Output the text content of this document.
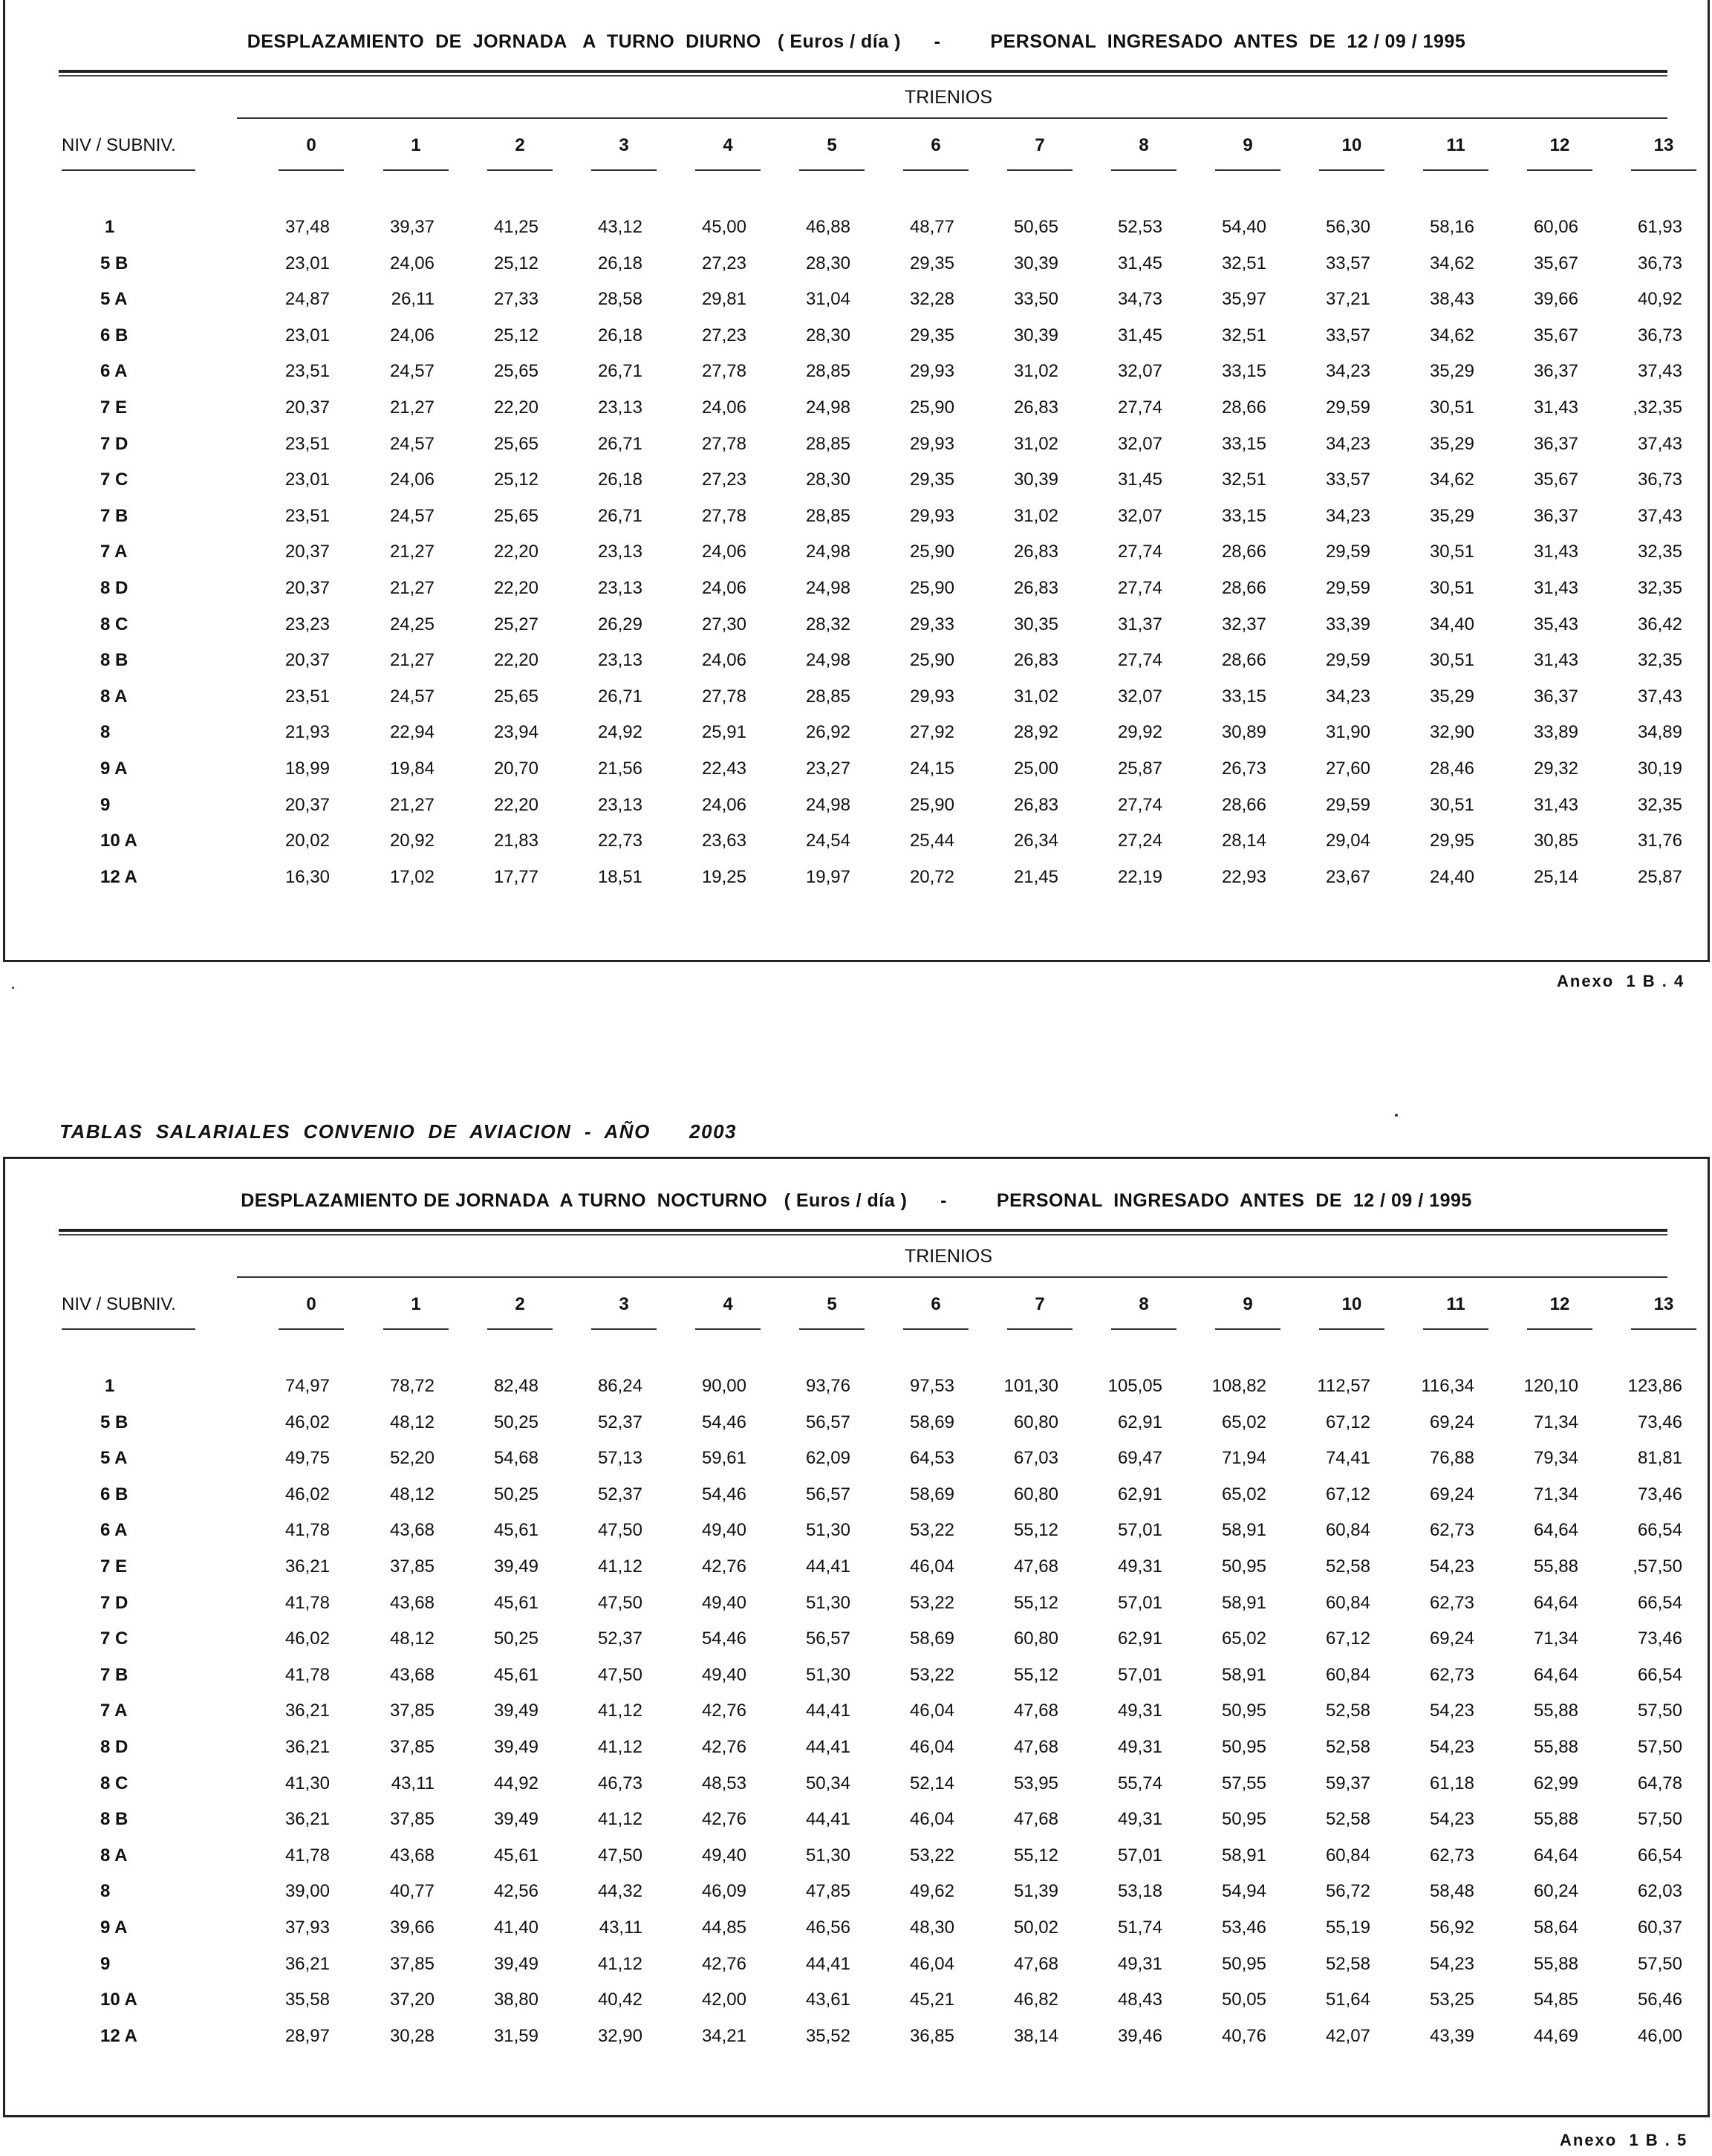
DESPLAZAMIENTO  DE  JORNADA   A  TURNO  DIURNO   ( Euros / día )      -         PERSONAL  INGRESADO  ANTES  DE  12 / 09 / 1995
TRIENIOS
NIV / SUBNIV.	0	1	2	3	4	5	6	7	8	9	10	11	12	13
1	37,48	39,37	41,25	43,12	45,00	46,88	48,77	50,65	52,53	54,40	56,30	58,16	60,06	61,93
5 B	23,01	24,06	25,12	26,18	27,23	28,30	29,35	30,39	31,45	32,51	33,57	34,62	35,67	36,73
5 A	24,87	26,11	27,33	28,58	29,81	31,04	32,28	33,50	34,73	35,97	37,21	38,43	39,66	40,92
6 B	23,01	24,06	25,12	26,18	27,23	28,30	29,35	30,39	31,45	32,51	33,57	34,62	35,67	36,73
6 A	23,51	24,57	25,65	26,71	27,78	28,85	29,93	31,02	32,07	33,15	34,23	35,29	36,37	37,43
7 E	20,37	21,27	22,20	23,13	24,06	24,98	25,90	26,83	27,74	28,66	29,59	30,51	31,43	,32,35
7 D	23,51	24,57	25,65	26,71	27,78	28,85	29,93	31,02	32,07	33,15	34,23	35,29	36,37	37,43
7 C	23,01	24,06	25,12	26,18	27,23	28,30	29,35	30,39	31,45	32,51	33,57	34,62	35,67	36,73
7 B	23,51	24,57	25,65	26,71	27,78	28,85	29,93	31,02	32,07	33,15	34,23	35,29	36,37	37,43
7 A	20,37	21,27	22,20	23,13	24,06	24,98	25,90	26,83	27,74	28,66	29,59	30,51	31,43	32,35
8 D	20,37	21,27	22,20	23,13	24,06	24,98	25,90	26,83	27,74	28,66	29,59	30,51	31,43	32,35
8 C	23,23	24,25	25,27	26,29	27,30	28,32	29,33	30,35	31,37	32,37	33,39	34,40	35,43	36,42
8 B	20,37	21,27	22,20	23,13	24,06	24,98	25,90	26,83	27,74	28,66	29,59	30,51	31,43	32,35
8 A	23,51	24,57	25,65	26,71	27,78	28,85	29,93	31,02	32,07	33,15	34,23	35,29	36,37	37,43
8	21,93	22,94	23,94	24,92	25,91	26,92	27,92	28,92	29,92	30,89	31,90	32,90	33,89	34,89
9 A	18,99	19,84	20,70	21,56	22,43	23,27	24,15	25,00	25,87	26,73	27,60	28,46	29,32	30,19
9	20,37	21,27	22,20	23,13	24,06	24,98	25,90	26,83	27,74	28,66	29,59	30,51	31,43	32,35
10 A	20,02	20,92	21,83	22,73	23,63	24,54	25,44	26,34	27,24	28,14	29,04	29,95	30,85	31,76
12 A	16,30	17,02	17,77	18,51	19,25	19,97	20,72	21,45	22,19	22,93	23,67	24,40	25,14	25,87
Anexo  1 B . 4
TABLAS  SALARIALES  CONVENIO  DE  AVIACION  -  AÑO      2003
DESPLAZAMIENTO DE JORNADA  A TURNO  NOCTURNO   ( Euros / día )      -         PERSONAL  INGRESADO  ANTES  DE  12 / 09 / 1995
TRIENIOS
NIV / SUBNIV.	0	1	2	3	4	5	6	7	8	9	10	11	12	13
1	74,97	78,72	82,48	86,24	90,00	93,76	97,53	101,30	105,05	108,82	112,57	116,34	120,10	123,86
5 B	46,02	48,12	50,25	52,37	54,46	56,57	58,69	60,80	62,91	65,02	67,12	69,24	71,34	73,46
5 A	49,75	52,20	54,68	57,13	59,61	62,09	64,53	67,03	69,47	71,94	74,41	76,88	79,34	81,81
6 B	46,02	48,12	50,25	52,37	54,46	56,57	58,69	60,80	62,91	65,02	67,12	69,24	71,34	73,46
6 A	41,78	43,68	45,61	47,50	49,40	51,30	53,22	55,12	57,01	58,91	60,84	62,73	64,64	66,54
7 E	36,21	37,85	39,49	41,12	42,76	44,41	46,04	47,68	49,31	50,95	52,58	54,23	55,88	,57,50
7 D	41,78	43,68	45,61	47,50	49,40	51,30	53,22	55,12	57,01	58,91	60,84	62,73	64,64	66,54
7 C	46,02	48,12	50,25	52,37	54,46	56,57	58,69	60,80	62,91	65,02	67,12	69,24	71,34	73,46
7 B	41,78	43,68	45,61	47,50	49,40	51,30	53,22	55,12	57,01	58,91	60,84	62,73	64,64	66,54
7 A	36,21	37,85	39,49	41,12	42,76	44,41	46,04	47,68	49,31	50,95	52,58	54,23	55,88	57,50
8 D	36,21	37,85	39,49	41,12	42,76	44,41	46,04	47,68	49,31	50,95	52,58	54,23	55,88	57,50
8 C	41,30	43,11	44,92	46,73	48,53	50,34	52,14	53,95	55,74	57,55	59,37	61,18	62,99	64,78
8 B	36,21	37,85	39,49	41,12	42,76	44,41	46,04	47,68	49,31	50,95	52,58	54,23	55,88	57,50
8 A	41,78	43,68	45,61	47,50	49,40	51,30	53,22	55,12	57,01	58,91	60,84	62,73	64,64	66,54
8	39,00	40,77	42,56	44,32	46,09	47,85	49,62	51,39	53,18	54,94	56,72	58,48	60,24	62,03
9 A	37,93	39,66	41,40	43,11	44,85	46,56	48,30	50,02	51,74	53,46	55,19	56,92	58,64	60,37
9	36,21	37,85	39,49	41,12	42,76	44,41	46,04	47,68	49,31	50,95	52,58	54,23	55,88	57,50
10 A	35,58	37,20	38,80	40,42	42,00	43,61	45,21	46,82	48,43	50,05	51,64	53,25	54,85	56,46
12 A	28,97	30,28	31,59	32,90	34,21	35,52	36,85	38,14	39,46	40,76	42,07	43,39	44,69	46,00
Anexo  1 B . 5
